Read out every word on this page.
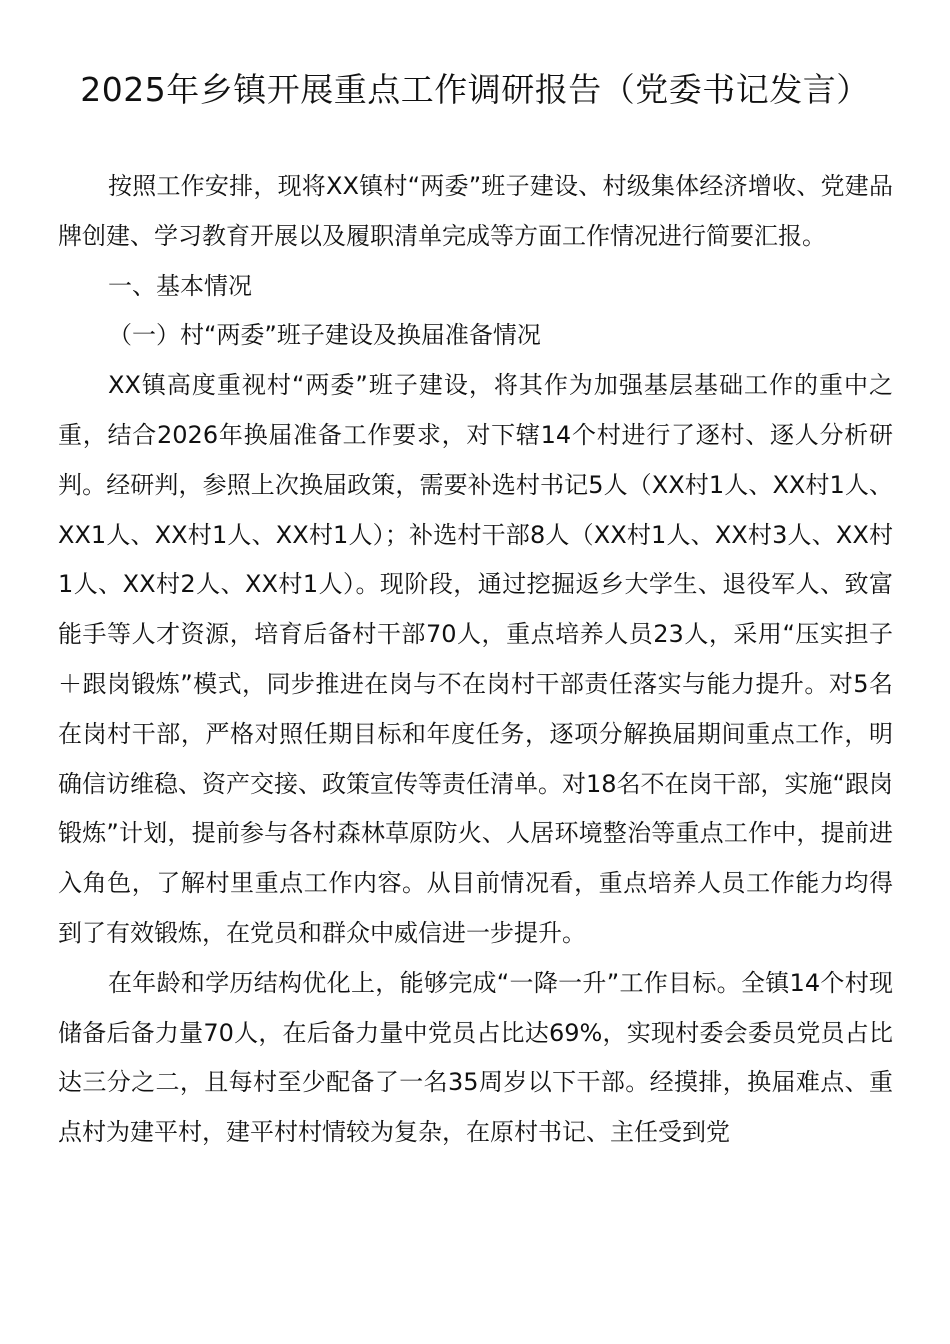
2025年乡镇开展重点工作调研报告（党委书记发言）

按照工作安排，现将XX镇村“两委”班子建设、村级集体经济增收、党建品牌创建、学习教育开展以及履职清单完成等方面工作情况进行简要汇报。

一、基本情况

（一）村“两委”班子建设及换届准备情况

XX镇高度重视村“两委”班子建设，将其作为加强基层基础工作的重中之重，结合2026年换届准备工作要求，对下辖14个村进行了逐村、逐人分析研判。经研判，参照上次换届政策，需要补选村书记5人（XX村1人、XX村1人、XX1人、XX村1人、XX村1人）；补选村干部8人（XX村1人、XX村3人、XX村1人、XX村2人、XX村1人）。现阶段，通过挖掘返乡大学生、退役军人、致富能手等人才资源，培育后备村干部70人，重点培养人员23人，采用“压实担子＋跟岗锻炼”模式，同步推进在岗与不在岗村干部责任落实与能力提升。对5名在岗村干部，严格对照任期目标和年度任务，逐项分解换届期间重点工作，明确信访维稳、资产交接、政策宣传等责任清单。对18名不在岗干部，实施“跟岗锻炼”计划，提前参与各村森林草原防火、人居环境整治等重点工作中，提前进入角色，了解村里重点工作内容。从目前情况看，重点培养人员工作能力均得到了有效锻炼，在党员和群众中威信进一步提升。

在年龄和学历结构优化上，能够完成“一降一升”工作目标。全镇14个村现储备后备力量70人，在后备力量中党员占比达69%，实现村委会委员党员占比达三分之二，且每村至少配备了一名35周岁以下干部。经摸排，换届难点、重点村为建平村，建平村村情较为复杂，在原村书记、主任受到党
